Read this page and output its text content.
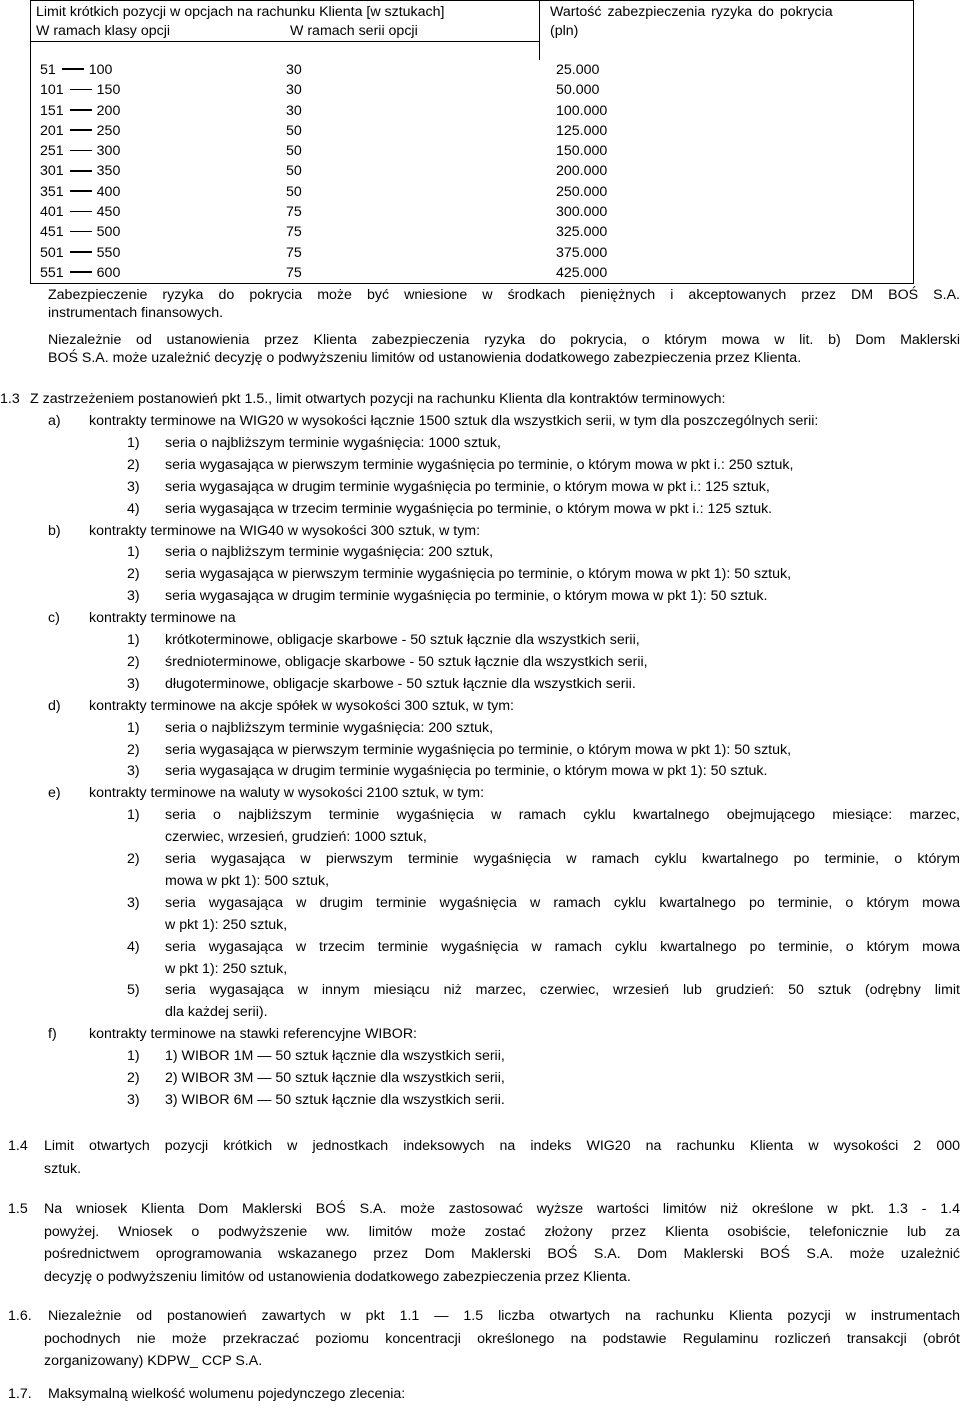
Limit krótkich pozycji w opcjach na rachunku Klienta [w sztukach]
W ramach klasy opcji	W ramach serii opcji
Wartość zabezpieczenia ryzyka do pokrycia
(pln)
51 100	30	25.000
101 150	30	50.000
151 200	30	100.000
201 250	50	125.000
251 300	50	150.000
301 350	50	200.000
351 400	50	250.000
401 450	75	300.000
451 500	75	325.000
501 550	75	375.000
551 600	75	425.000
Zabezpieczenie ryzyka do pokrycia może być wniesione w środkach pieniężnych i akceptowanych przez DM BOŚ S.A.
instrumentach finansowych.
Niezależnie od ustanowienia przez Klienta zabezpieczenia ryzyka do pokrycia, o którym mowa w lit. b) Dom Maklerski
BOŚ S.A. może uzależnić decyzję o podwyższeniu limitów od ustanowienia dodatkowego zabezpieczenia przez Klienta.
1.3 Z zastrzeżeniem postanowień pkt 1.5., limit otwartych pozycji na rachunku Klienta dla kontraktów terminowych:
a) kontrakty terminowe na WIG20 w wysokości łącznie 1500 sztuk dla wszystkich serii, w tym dla poszczególnych serii:
1) seria o najbliższym terminie wygaśnięcia: 1000 sztuk,
2) seria wygasająca w pierwszym terminie wygaśnięcia po terminie, o którym mowa w pkt i.: 250 sztuk,
3) seria wygasająca w drugim terminie wygaśnięcia po terminie, o którym mowa w pkt i.: 125 sztuk,
4) seria wygasająca w trzecim terminie wygaśnięcia po terminie, o którym mowa w pkt i.: 125 sztuk.
b) kontrakty terminowe na WIG40 w wysokości 300 sztuk, w tym:
1) seria o najbliższym terminie wygaśnięcia: 200 sztuk,
2) seria wygasająca w pierwszym terminie wygaśnięcia po terminie, o którym mowa w pkt 1): 50 sztuk,
3) seria wygasająca w drugim terminie wygaśnięcia po terminie, o którym mowa w pkt 1): 50 sztuk.
c) kontrakty terminowe na
1) krótkoterminowe, obligacje skarbowe - 50 sztuk łącznie dla wszystkich serii,
2) średnioterminowe, obligacje skarbowe - 50 sztuk łącznie dla wszystkich serii,
3) długoterminowe, obligacje skarbowe - 50 sztuk łącznie dla wszystkich serii.
d) kontrakty terminowe na akcje spółek w wysokości 300 sztuk, w tym:
1) seria o najbliższym terminie wygaśnięcia: 200 sztuk,
2) seria wygasająca w pierwszym terminie wygaśnięcia po terminie, o którym mowa w pkt 1): 50 sztuk,
3) seria wygasająca w drugim terminie wygaśnięcia po terminie, o którym mowa w pkt 1): 50 sztuk.
e) kontrakty terminowe na waluty w wysokości 2100 sztuk, w tym:
1) seria o najbliższym terminie wygaśnięcia w ramach cyklu kwartalnego obejmującego miesiące: marzec,
czerwiec, wrzesień, grudzień: 1000 sztuk,
2) seria wygasająca w pierwszym terminie wygaśnięcia w ramach cyklu kwartalnego po terminie, o którym
mowa w pkt 1): 500 sztuk,
3) seria wygasająca w drugim terminie wygaśnięcia w ramach cyklu kwartalnego po terminie, o którym mowa
w pkt 1): 250 sztuk,
4) seria wygasająca w trzecim terminie wygaśnięcia w ramach cyklu kwartalnego po terminie, o którym mowa
w pkt 1): 250 sztuk,
5) seria wygasająca w innym miesiącu niż marzec, czerwiec, wrzesień lub grudzień: 50 sztuk (odrębny limit
dla każdej serii).
f) kontrakty terminowe na stawki referencyjne WIBOR:
1) 1) WIBOR 1M — 50 sztuk łącznie dla wszystkich serii,
2) 2) WIBOR 3M — 50 sztuk łącznie dla wszystkich serii,
3) 3) WIBOR 6M — 50 sztuk łącznie dla wszystkich serii.
1.4 Limit otwartych pozycji krótkich w jednostkach indeksowych na indeks WIG20 na rachunku Klienta w wysokości 2 000
sztuk.
1.5 Na wniosek Klienta Dom Maklerski BOŚ S.A. może zastosować wyższe wartości limitów niż określone w pkt. 1.3 - 1.4
powyżej. Wniosek o podwyższenie ww. limitów może zostać złożony przez Klienta osobiście, telefonicznie lub za
pośrednictwem oprogramowania wskazanego przez Dom Maklerski BOŚ S.A. Dom Maklerski BOŚ S.A. może uzależnić
decyzję o podwyższeniu limitów od ustanowienia dodatkowego zabezpieczenia przez Klienta.
1.6. Niezależnie od postanowień zawartych w pkt 1.1 — 1.5 liczba otwartych na rachunku Klienta pozycji w instrumentach
pochodnych nie może przekraczać poziomu koncentracji określonego na podstawie Regulaminu rozliczeń transakcji (obrót
zorganizowany) KDPW_ CCP S.A.
1.7. Maksymalną wielkość wolumenu pojedynczego zlecenia:
